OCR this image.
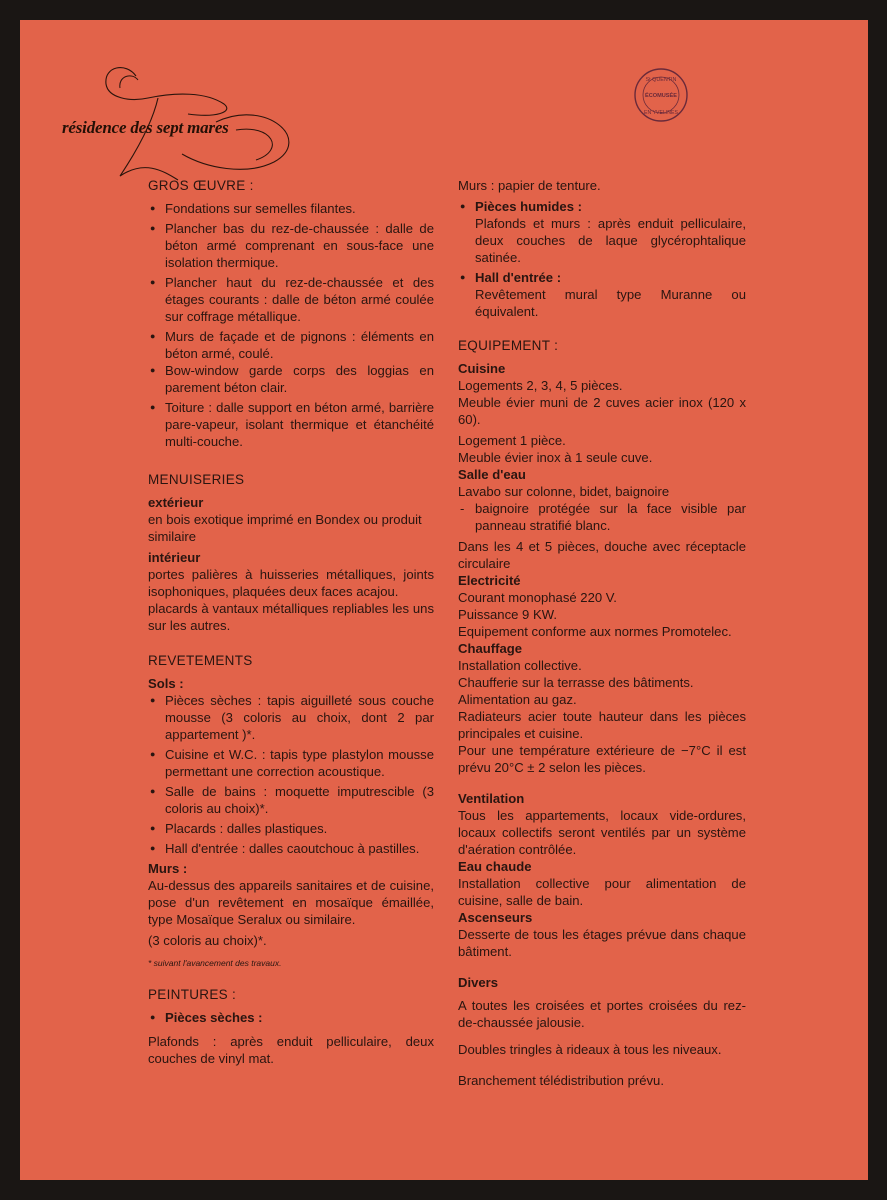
résidence des sept mares
St QUENTIN
ÉCOMUSÉE
EN YVELINES
GROS ŒUVRE :
● Fondations sur semelles filantes.
● Plancher bas du rez-de-chaussée : dalle de béton armé comprenant en sous-face une isolation thermique.
● Plancher haut du rez-de-chaussée et des étages courants : dalle de béton armé coulée sur coffrage métallique.
● Murs de façade et de pignons : éléments en béton armé, coulé.
● Bow-window garde corps des loggias en parement béton clair.
● Toiture : dalle support en béton armé, barrière pare-vapeur, isolant thermique et étanchéité multi-couche.
MENUISERIES

extérieur

en bois exotique imprimé en Bondex ou produit similaire

intérieur

portes palières à huisseries métalliques, joints isophoniques, plaquées deux faces acajou.

placards à vantaux métalliques repliables les uns sur les autres.

REVETEMENTS

Sols :

● Pièces sèches : tapis aiguilleté sous couche mousse (3 coloris au choix, dont 2 par appartement )*.
● Cuisine et W.C. : tapis type plastylon mousse permettant une correction acoustique.
● Salle de bains : moquette imputrescible (3 coloris au choix)*.
● Placards : dalles plastiques.
● Hall d'entrée : dalles caoutchouc à pastilles.

Murs :

Au-dessus des appareils sanitaires et de cuisine, pose d'un revêtement en mosaïque émaillée, type Mosaïque Seralux ou similaire.

(3 coloris au choix)*.

* suivant l'avancement des travaux.

PEINTURES :
● Pièces sèches :

Plafonds : après enduit pelliculaire, deux couches de vinyl mat.

Murs : papier de tenture.

● Pièces humides :
Plafonds et murs : après enduit pelliculaire, deux couches de laque glycérophtalique satinée.
● Hall d'entrée :
Revêtement mural type Muranne ou équivalent.
EQUIPEMENT :

Cuisine

Logements 2, 3, 4, 5 pièces.

Meuble évier muni de 2 cuves acier inox (120 x 60).

Logement 1 pièce.

Meuble évier inox à 1 seule cuve.

Salle d'eau

Lavabo sur colonne, bidet, baignoire

- baignoire protégée sur la face visible par panneau stratifié blanc.

Dans les 4 et 5 pièces, douche avec réceptacle circulaire

Electricité

Courant monophasé 220 V.

Puissance 9 KW.

Equipement conforme aux normes Promotelec.

Chauffage

Installation collective.

Chaufferie sur la terrasse des bâtiments.

Alimentation au gaz.

Radiateurs acier toute hauteur dans les pièces principales et cuisine.

Pour une température extérieure de −7°C il est prévu 20°C ± 2 selon les pièces.

Ventilation

Tous les appartements, locaux vide-ordures, locaux collectifs seront ventilés par un système d'aération contrôlée.

Eau chaude

Installation collective pour alimentation de cuisine, salle de bain.

Ascenseurs

Desserte de tous les étages prévue dans chaque bâtiment.

Divers

A toutes les croisées et portes croisées du rez-de-chaussée jalousie.

Doubles tringles à rideaux à tous les niveaux.

Branchement télédistribution prévu.
